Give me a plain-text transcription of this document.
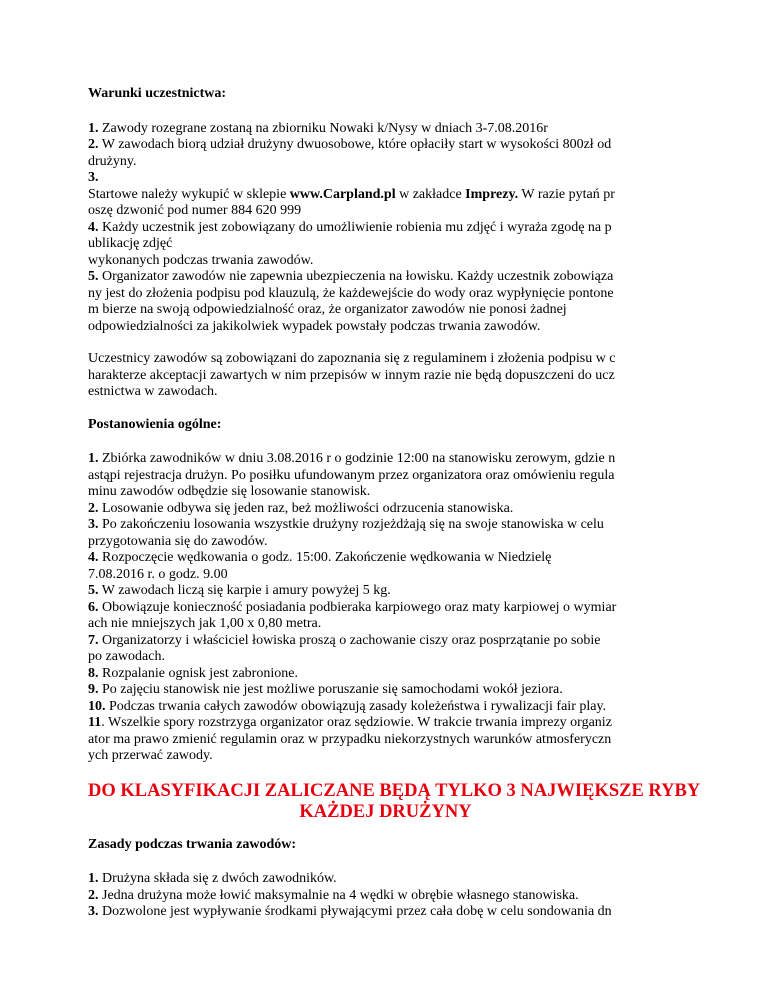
Warunki uczestnictwa:
1. Zawody rozegrane zostaną na zbiorniku Nowaki k/Nysy w dniach 3-7.08.2016r
2. W zawodach biorą udział drużyny dwuosobowe, które opłaciły start w wysokości 800zł od
drużyny.
3.
Startowe należy wykupić w sklepie www.Carpland.pl w zakładce Imprezy. W razie pytań pr
oszę dzwonić pod numer 884 620 999
4. Każdy uczestnik jest zobowiązany do umożliwienie robienia mu zdjęć i wyraża zgodę na p
ublikację zdjęć
wykonanych podczas trwania zawodów.
5. Organizator zawodów nie zapewnia ubezpieczenia na łowisku. Każdy uczestnik zobowiąza
ny jest do złożenia podpisu pod klauzulą, że każdewejście do wody oraz wypłynięcie pontone
m bierze na swoją odpowiedzialność oraz, że organizator zawodów nie ponosi żadnej
odpowiedzialności za jakikolwiek wypadek powstały podczas trwania zawodów.
Uczestnicy zawodów są zobowiązani do zapoznania się z regulaminem i złożenia podpisu w c
harakterze akceptacji zawartych w nim przepisów w innym razie nie będą dopuszczeni do ucz
estnictwa w zawodach.
Postanowienia ogólne:
1. Zbiórka zawodników w dniu 3.08.2016 r o godzinie 12:00 na stanowisku zerowym, gdzie n
astąpi rejestracja drużyn. Po posiłku ufundowanym przez organizatora oraz omówieniu regula
minu zawodów odbędzie się losowanie stanowisk.
2. Losowanie odbywa się jeden raz, beż możliwości odrzucenia stanowiska.
3. Po zakończeniu losowania wszystkie drużyny rozjeżdżają się na swoje stanowiska w celu
przygotowania się do zawodów.
4. Rozpoczęcie wędkowania o godz. 15:00. Zakończenie wędkowania w Niedzielę
7.08.2016 r. o godz. 9.00
5. W zawodach liczą się karpie i amury powyżej 5 kg.
6. Obowiązuje konieczność posiadania podbieraka karpiowego oraz maty karpiowej o wymiar
ach nie mniejszych jak 1,00 x 0,80 metra.
7. Organizatorzy i właściciel łowiska proszą o zachowanie ciszy oraz posprzątanie po sobie
po zawodach.
8. Rozpalanie ognisk jest zabronione.
9. Po zajęciu stanowisk nie jest możliwe poruszanie się samochodami wokół jeziora.
10. Podczas trwania całych zawodów obowiązują zasady koleżeństwa i rywalizacji fair play.
11. Wszelkie spory rozstrzyga organizator oraz sędziowie. W trakcie trwania imprezy organiz
ator ma prawo zmienić regulamin oraz w przypadku niekorzystnych warunków atmosferyczn
ych przerwać zawody.
DO KLASYFIKACJI ZALICZANE BĘDĄ TYLKO 3 NAJWIĘKSZE RYBY
KAŻDEJ DRUŻYNY
Zasady podczas trwania zawodów:
1. Drużyna składa się z dwóch zawodników.
2. Jedna drużyna może łowić maksymalnie na 4 wędki w obrębie własnego stanowiska.
3. Dozwolone jest wypływanie środkami pływającymi przez cała dobę w celu sondowania dn
